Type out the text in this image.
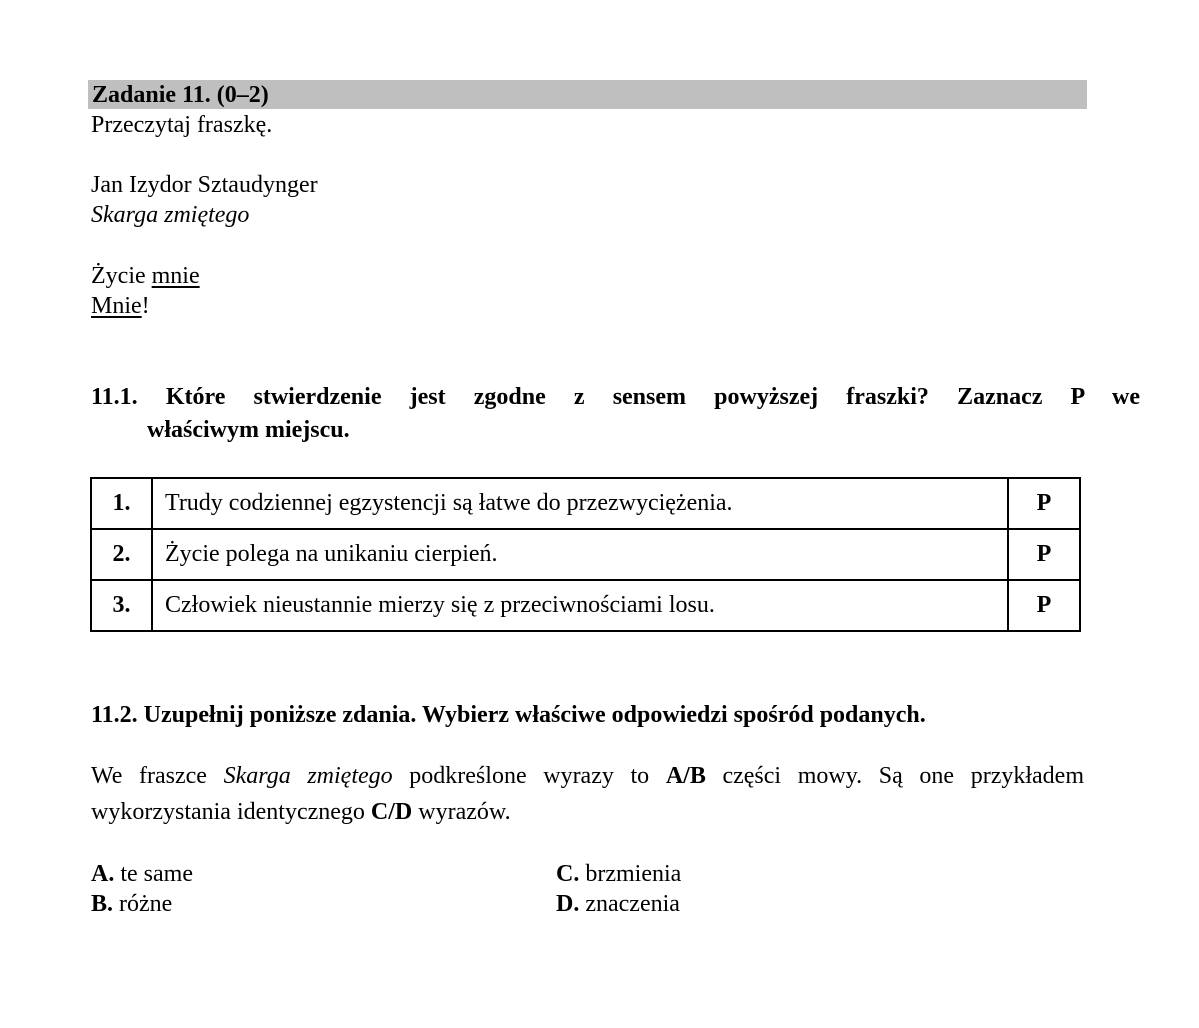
Zadanie 11. (0–2)
Przeczytaj fraszkę.
Jan Izydor Sztaudynger
Skarga zmiętego
Życie mnie
Mnie!
11.1. Które stwierdzenie jest zgodne z sensem powyższej fraszki? Zaznacz P we
właściwym miejscu.
1.	Trudy codziennej egzystencji są łatwe do przezwyciężenia.	P
2.	Życie polega na unikaniu cierpień.	P
3.	Człowiek nieustannie mierzy się z przeciwnościami losu.	P
11.2. Uzupełnij poniższe zdania. Wybierz właściwe odpowiedzi spośród podanych.
We fraszce Skarga zmiętego podkreślone wyrazy to A/B części mowy. Są one przykładem
wykorzystania identycznego C/D wyrazów.
A. te same
B. różne
C. brzmienia
D. znaczenia
